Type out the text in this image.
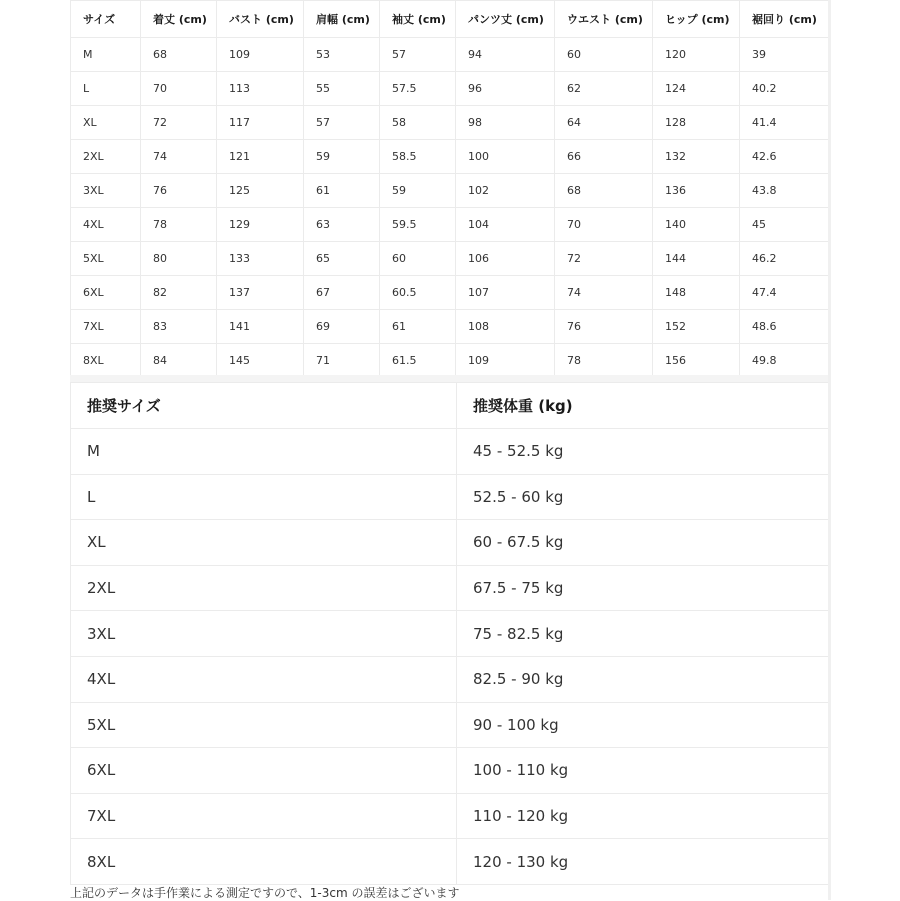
サイズ	着丈 (cm)	バスト (cm)	肩幅 (cm)	袖丈 (cm)	パンツ丈 (cm)	ウエスト (cm)	ヒップ (cm)	裾回り (cm)
M	68	109	53	57	94	60	120	39
L	70	113	55	57.5	96	62	124	40.2
XL	72	117	57	58	98	64	128	41.4
2XL	74	121	59	58.5	100	66	132	42.6
3XL	76	125	61	59	102	68	136	43.8
4XL	78	129	63	59.5	104	70	140	45
5XL	80	133	65	60	106	72	144	46.2
6XL	82	137	67	60.5	107	74	148	47.4
7XL	83	141	69	61	108	76	152	48.6
8XL	84	145	71	61.5	109	78	156	49.8
推奨サイズ	推奨体重 (kg)
M	45 - 52.5 kg
L	52.5 - 60 kg
XL	60 - 67.5 kg
2XL	67.5 - 75 kg
3XL	75 - 82.5 kg
4XL	82.5 - 90 kg
5XL	90 - 100 kg
6XL	100 - 110 kg
7XL	110 - 120 kg
8XL	120 - 130 kg
上記のデータは手作業による測定ですので、1-3cm の誤差はございます
